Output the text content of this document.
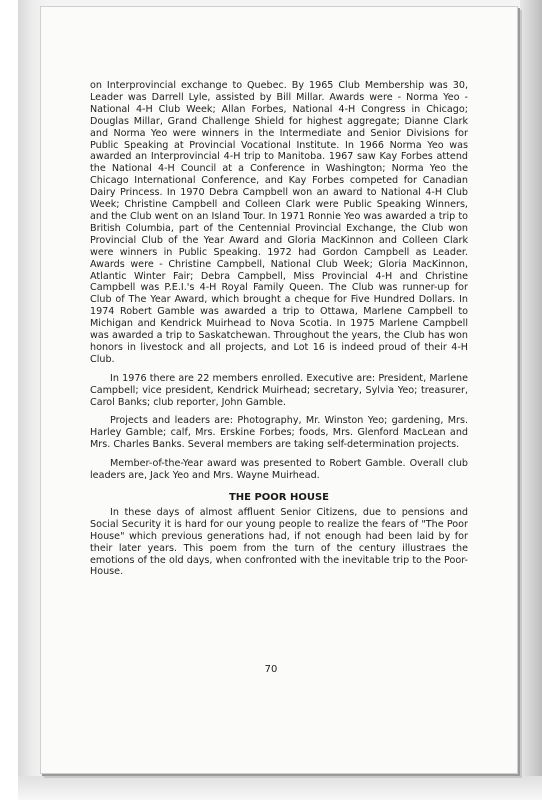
on Interprovincial exchange to Quebec. By 1965 Club Membership was 30, Leader was Darrell Lyle, assisted by Bill Millar. Awards were - Norma Yeo - National 4-H Club Week; Allan Forbes, National 4-H Congress in Chicago; Douglas Millar, Grand Challenge Shield for highest aggregate; Dianne Clark and Norma Yeo were winners in the Intermediate and Senior Divisions for Public Speaking at Provincial Vocational Institute. In 1966 Norma Yeo was awarded an Interprovincial 4-H trip to Manitoba. 1967 saw Kay Forbes attend the National 4-H Council at a Conference in Washington; Norma Yeo the Chicago International Conference, and Kay Forbes competed for Canadian Dairy Princess. In 1970 Debra Campbell won an award to National 4-H Club Week; Christine Campbell and Colleen Clark were Public Speaking Winners, and the Club went on an Island Tour. In 1971 Ronnie Yeo was awarded a trip to British Columbia, part of the Centennial Provincial Exchange, the Club won Provincial Club of the Year Award and Gloria MacKinnon and Colleen Clark were winners in Public Speaking. 1972 had Gordon Campbell as Leader. Awards were - Christine Campbell, National Club Week; Gloria MacKinnon, Atlantic Winter Fair; Debra Campbell, Miss Provincial 4-H and Christine Campbell was P.E.I.'s 4-H Royal Family Queen. The Club was runner-up for Club of The Year Award, which brought a cheque for Five Hundred Dollars. In 1974 Robert Gamble was awarded a trip to Ottawa, Marlene Campbell to Michigan and Kendrick Muirhead to Nova Scotia. In 1975 Marlene Campbell was awarded a trip to Saskatchewan. Throughout the years, the Club has won honors in livestock and all projects, and Lot 16 is indeed proud of their 4-H Club.

In 1976 there are 22 members enrolled. Executive are: President, Marlene Campbell; vice president, Kendrick Muirhead; secretary, Sylvia Yeo; treasurer, Carol Banks; club reporter, John Gamble.

Projects and leaders are: Photography, Mr. Winston Yeo; gardening, Mrs. Harley Gamble; calf, Mrs. Erskine Forbes; foods, Mrs. Glenford MacLean and Mrs. Charles Banks. Several members are taking self-determination projects.

Member-of-the-Year award was presented to Robert Gamble. Overall club leaders are, Jack Yeo and Mrs. Wayne Muirhead.

THE POOR HOUSE

In these days of almost affluent Senior Citizens, due to pensions and Social Security it is hard for our young people to realize the fears of "The Poor House" which previous generations had, if not enough had been laid by for their later years. This poem from the turn of the century illustraes the emotions of the old days, when confronted with the inevitable trip to the Poor-House.

70
